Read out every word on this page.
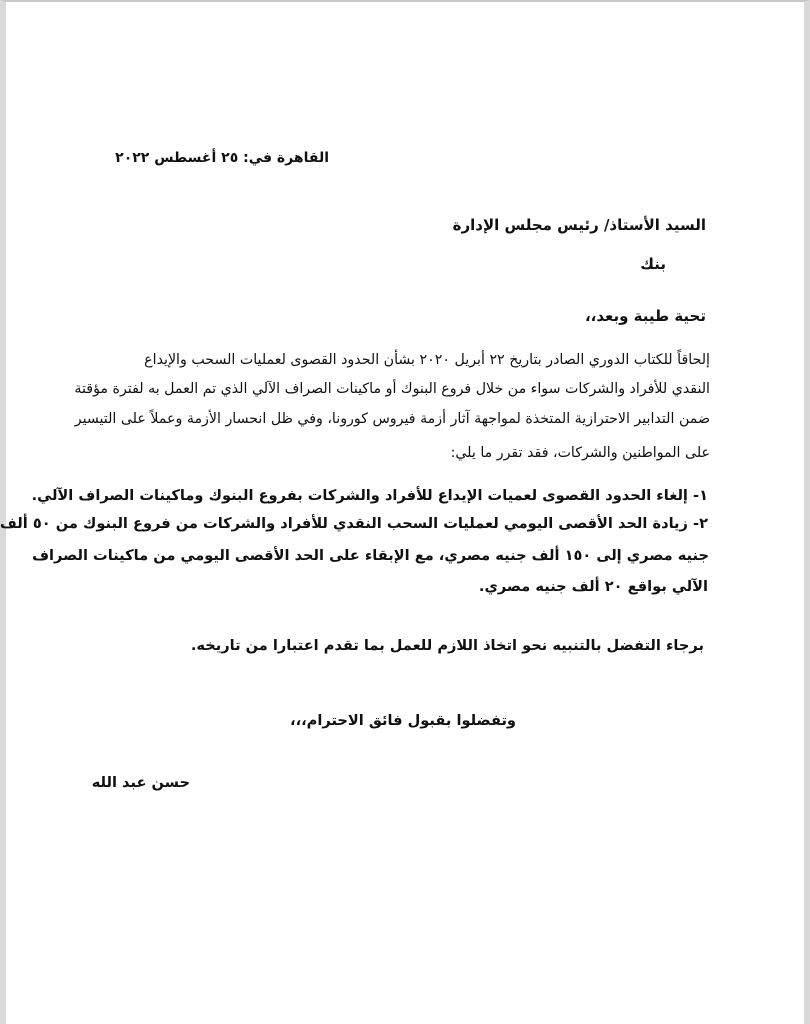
القاهرة في: ٢٥ أغسطس ٢٠٢٢

السيد الأستاذ/ رئيس مجلس الإدارة

بنك

تحية طيبة وبعد،،

إلحاقاً للكتاب الدوري الصادر بتاريخ ٢٢ أبريل ٢٠٢٠ بشأن الحدود القصوى لعمليات السحب والإيداع

النقدي للأفراد والشركات سواء من خلال فروع البنوك أو ماكينات الصراف الآلي الذي تم العمل به لفترة مؤقتة

ضمن التدابير الاحترازية المتخذة لمواجهة آثار أزمة فيروس كورونا، وفي ظل انحسار الأزمة وعملاً على التيسير

على المواطنين والشركات، فقد تقرر ما يلي:

١- إلغاء الحدود القصوى لعميات الإيداع للأفراد والشركات بفروع البنوك وماكينات الصراف الآلي.

٢- زيادة الحد الأقصى اليومي لعمليات السحب النقدي للأفراد والشركات من فروع البنوك من ٥٠ ألف

جنيه مصري إلى ١٥٠ ألف جنيه مصري، مع الإبقاء على الحد الأقصى اليومي من ماكينات الصراف

الآلي بواقع ٢٠ ألف جنيه مصري.

برجاء التفضل بالتنبيه نحو اتخاذ اللازم للعمل بما تقدم اعتبارا من تاريخه.

وتفضلوا بقبول فائق الاحترام،،،

حسن عبد الله
